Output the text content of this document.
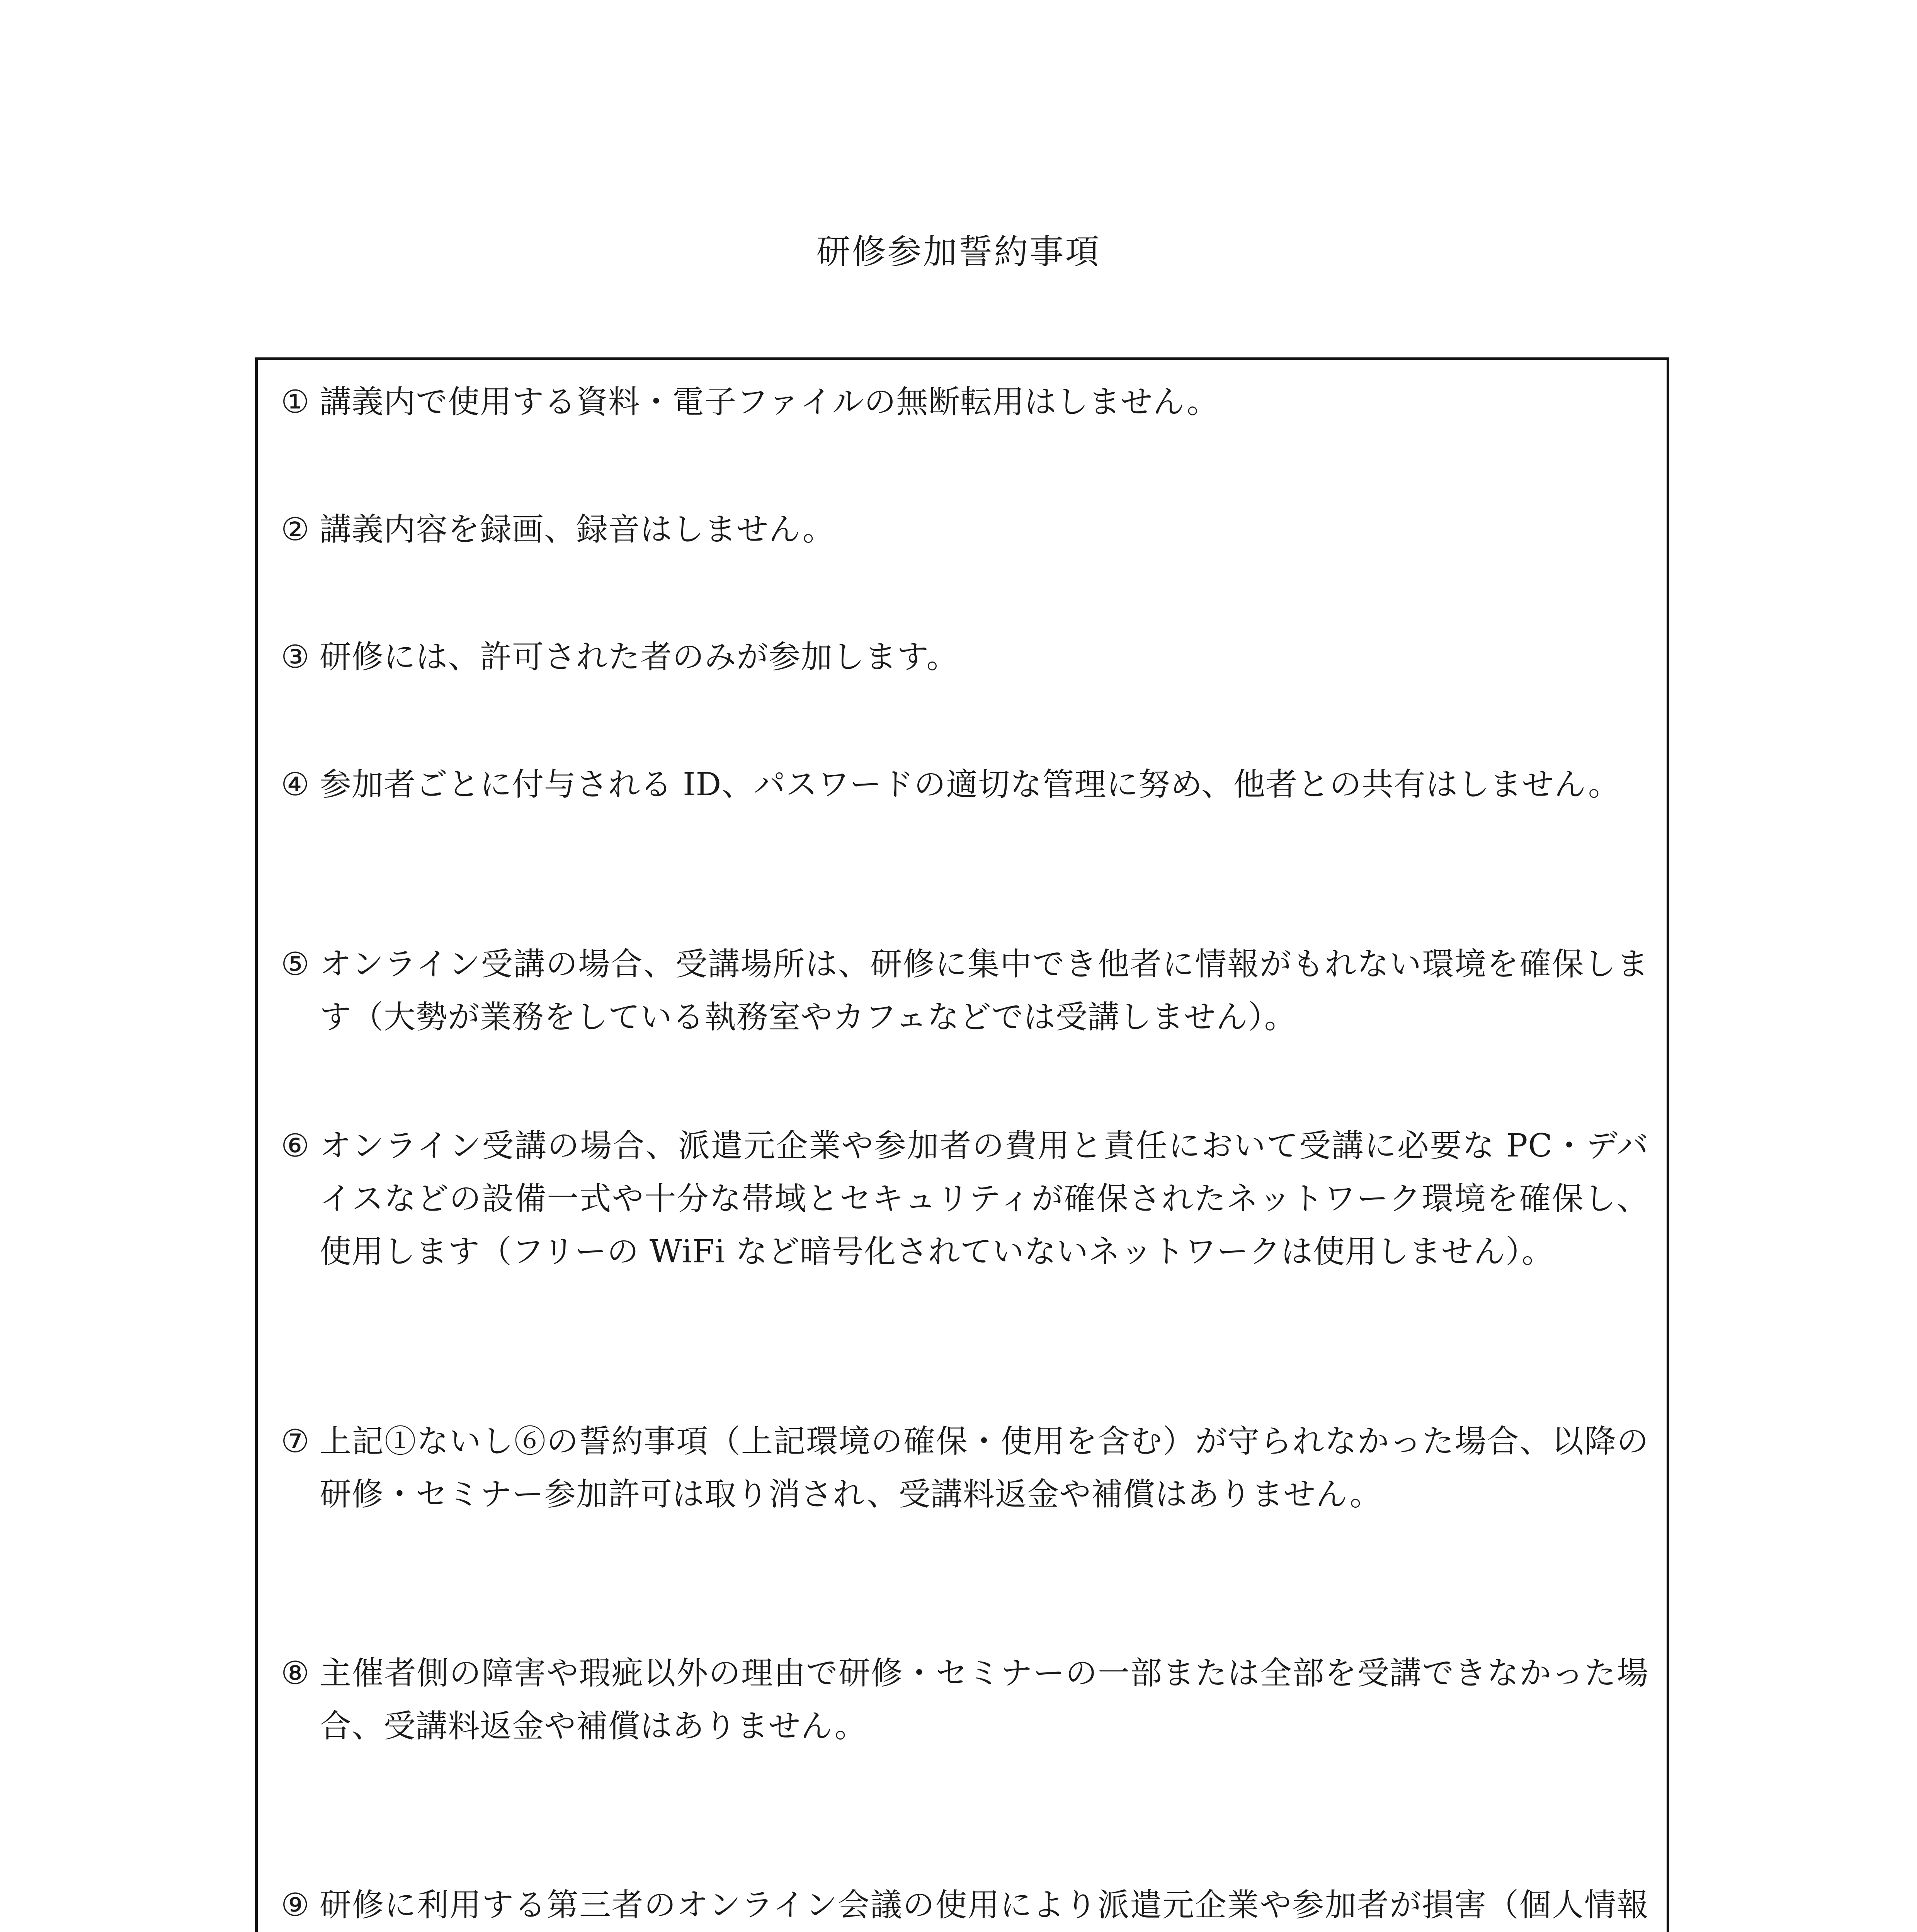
研修参加誓約事項
① 講義内で使用する資料・電子ファイルの無断転用はしません。
② 講義内容を録画、録音はしません。
③ 研修には、許可された者のみが参加します。
④ 参加者ごとに付与される ID、パスワードの適切な管理に努め、他者との共有はしません。
⑤ オンライン受講の場合、受講場所は、研修に集中でき他者に情報がもれない環境を確保します（大勢が業務をしている執務室やカフェなどでは受講しません）。
⑥ オンライン受講の場合、派遣元企業や参加者の費用と責任において受講に必要な PC・デバイスなどの設備一式や十分な帯域とセキュリティが確保されたネットワーク環境を確保し、使用します（フリーの WiFi など暗号化されていないネットワークは使用しません）。
⑦ 上記①ないし⑥の誓約事項（上記環境の確保・使用を含む）が守られなかった場合、以降の研修・セミナー参加許可は取り消され、受講料返金や補償はありません。
⑧ 主催者側の障害や瑕疵以外の理由で研修・セミナーの一部または全部を受講できなかった場合、受講料返金や補償はありません。
⑨ 研修に利用する第三者のオンライン会議の使用により派遣元企業や参加者が損害（個人情報
